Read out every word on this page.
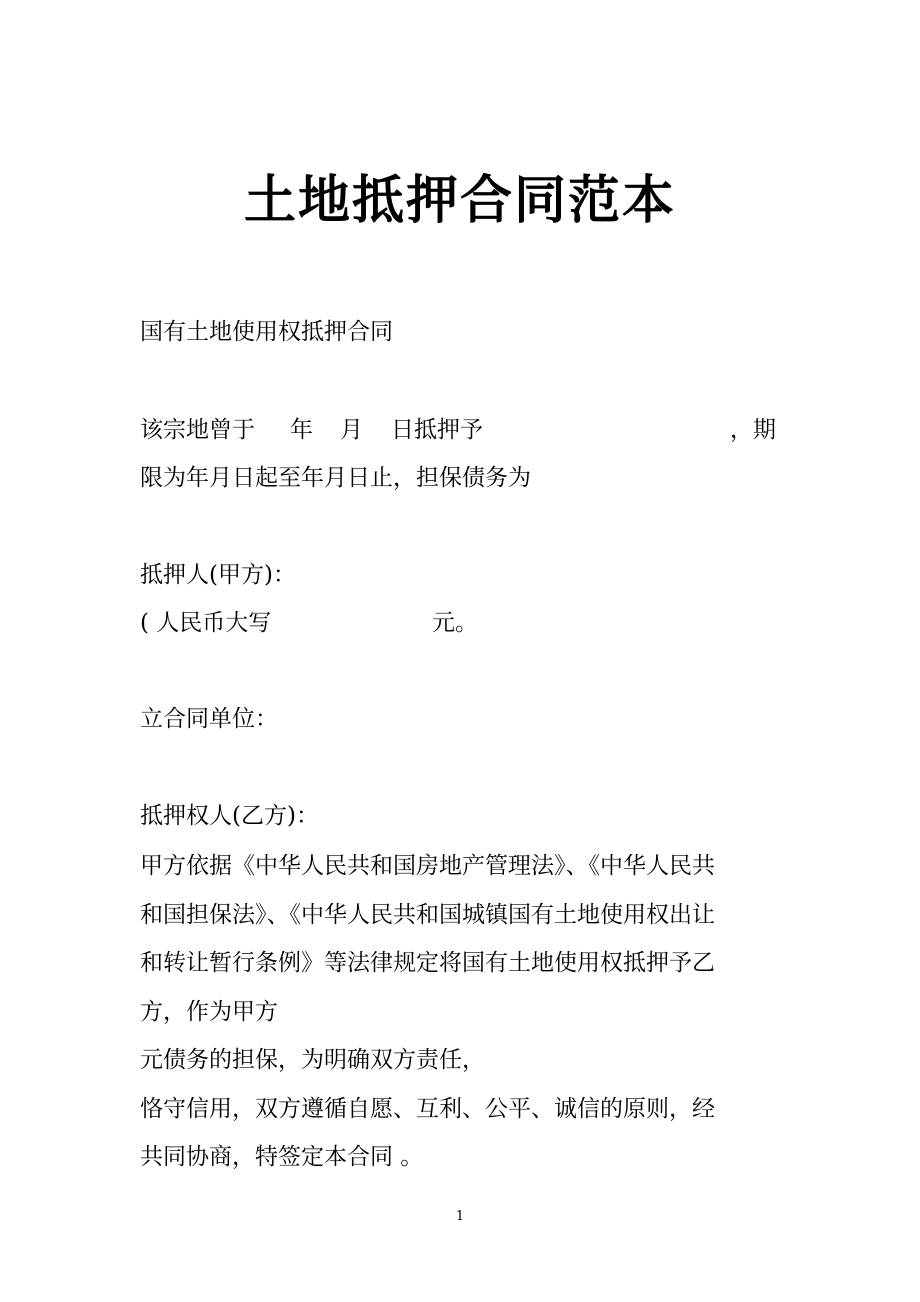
土地抵押合同范本
国有土地使用权抵押合同
该宗地曾于 年 月 日抵押予	，期
限为年月日起至年月日止，担保债务为
抵押人(甲方)：
( 人民币大写	元。
立合同单位：
抵押权人(乙方)：
甲方依据《中华人民共和国房地产管理法》、《中华人民共
和国担保法》、《中华人民共和国城镇国有土地使用权出让
和转让暂行条例》等法律规定将国有土地使用权抵押予乙
方，作为甲方
元债务的担保，为明确双方责任，
恪守信用，双方遵循自愿、互利、公平、诚信的原则，经
共同协商，特签定本合同 。
1
